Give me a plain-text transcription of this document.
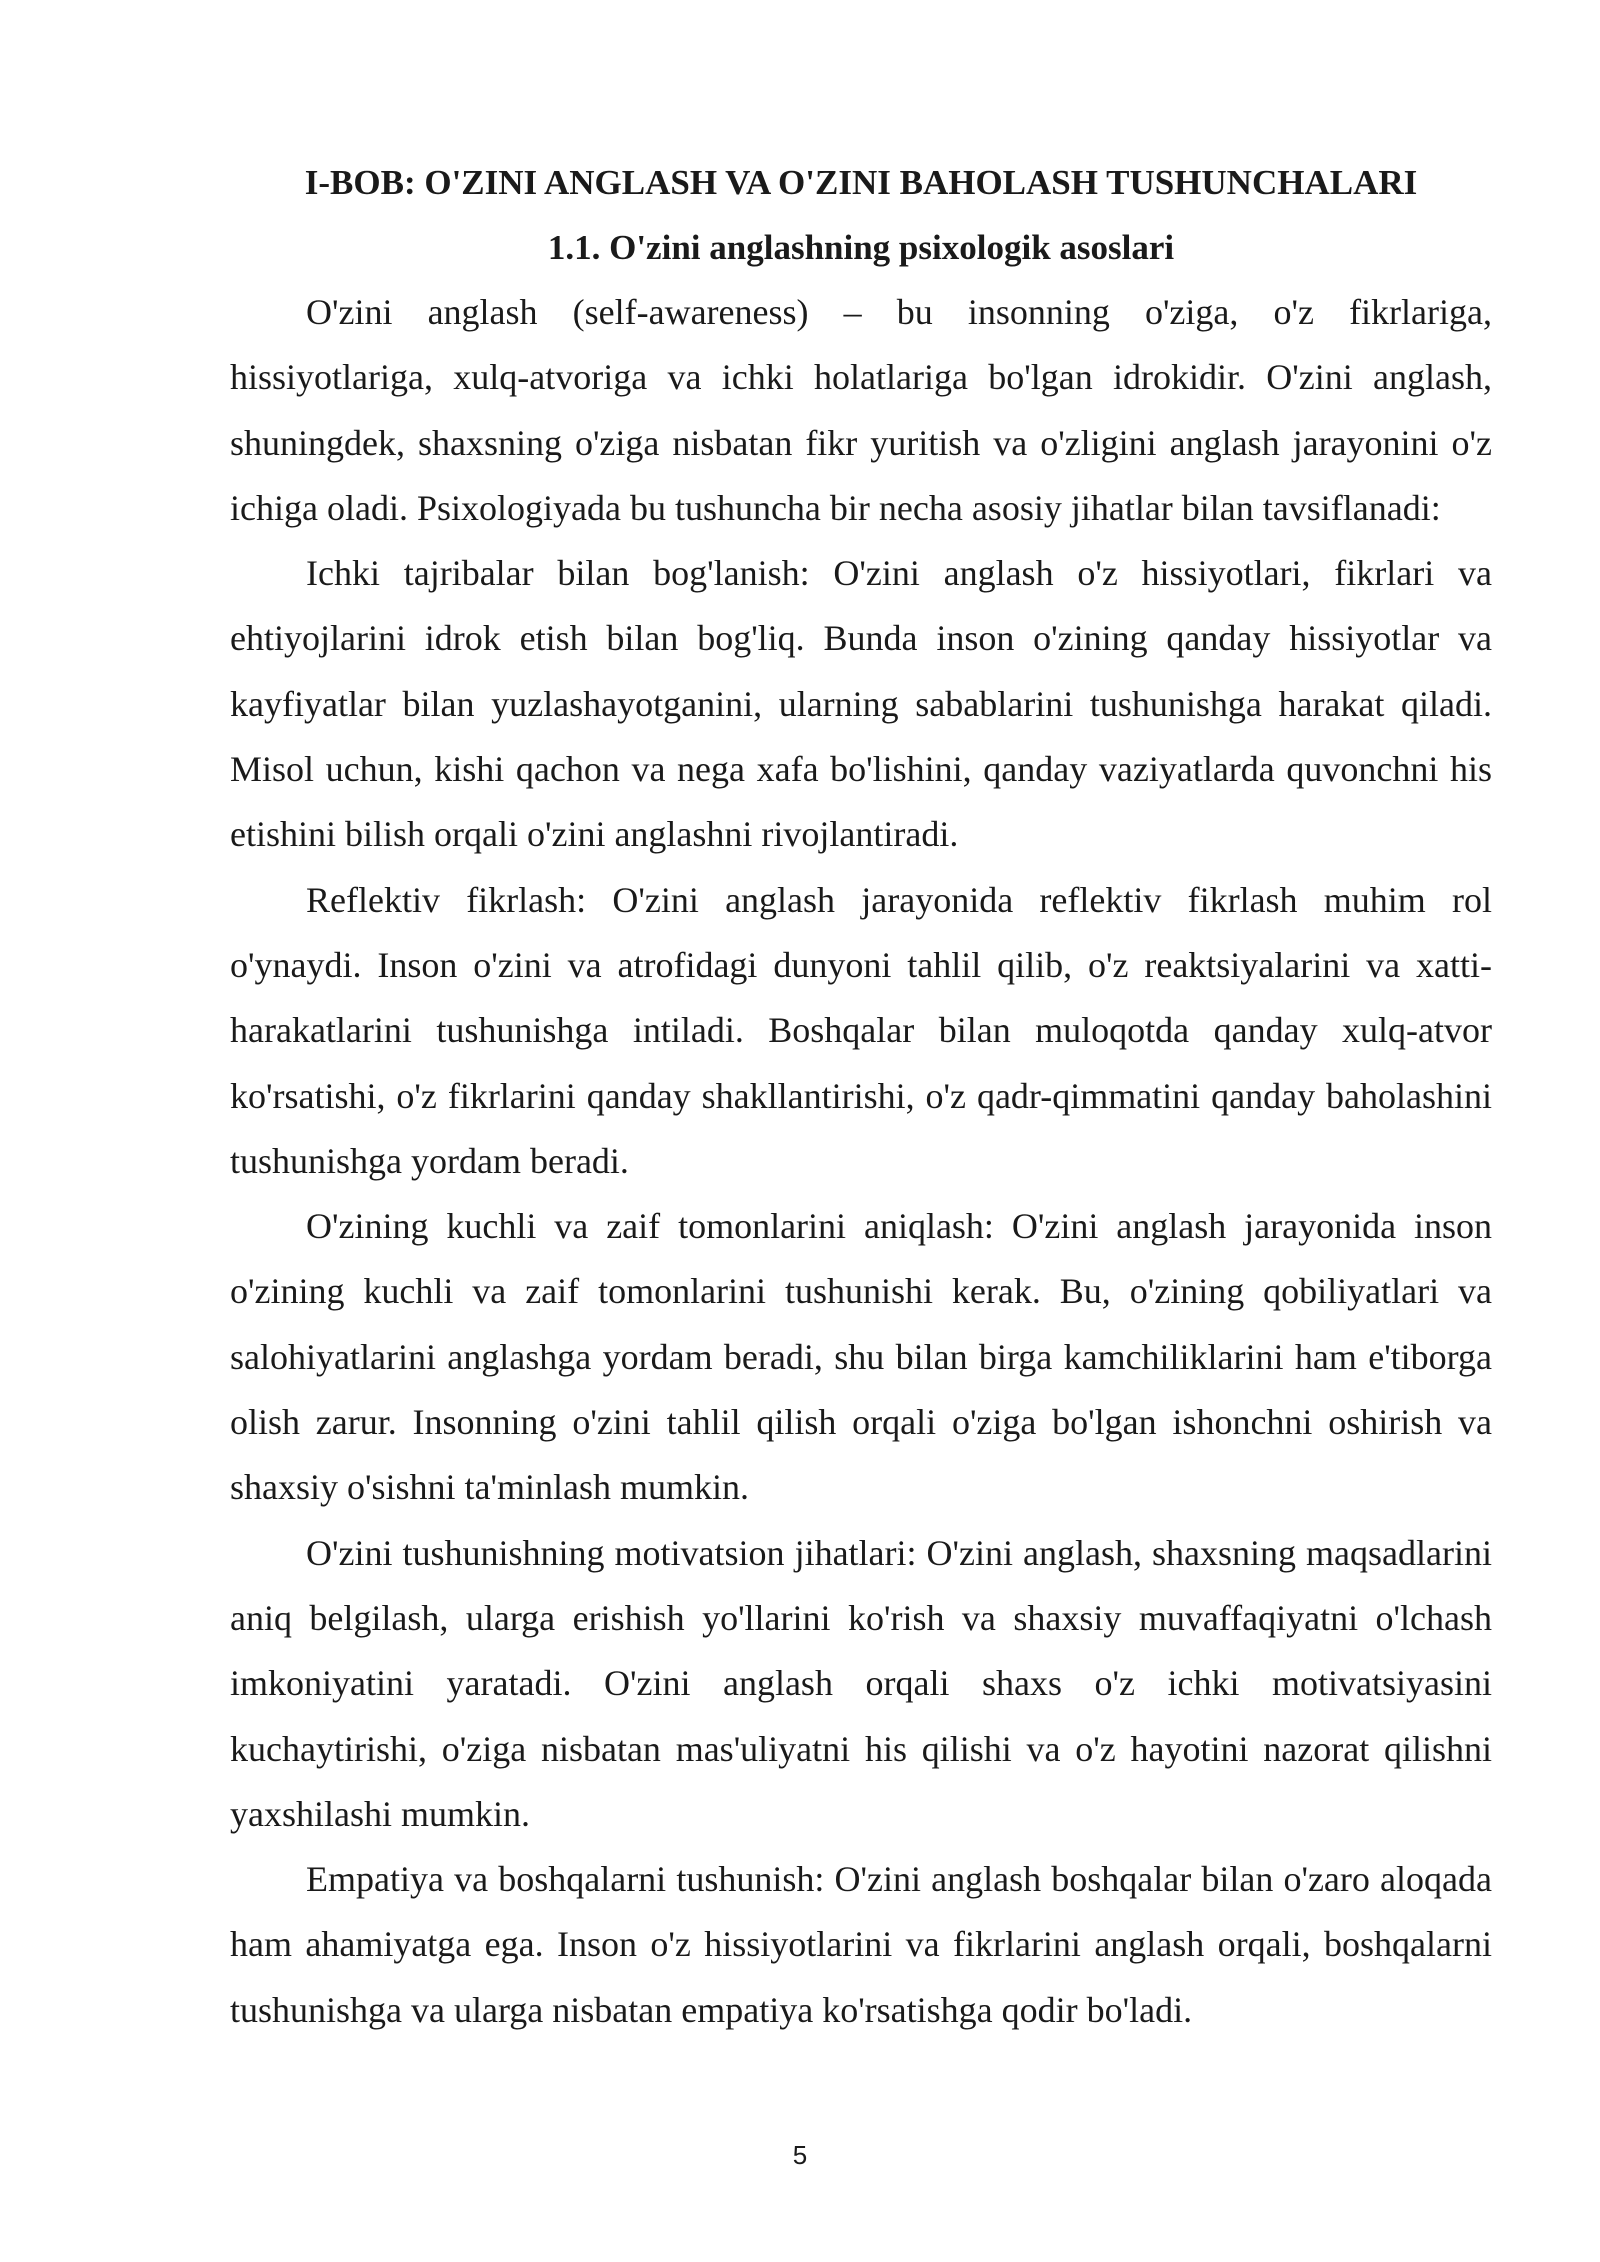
I-BOB: O'ZINI ANGLASH VA O'ZINI BAHOLASH TUSHUNCHALARI
1.1. O'zini anglashning psixologik asoslari

O'zini anglash (self-awareness) – bu insonning o'ziga, o'z fikrlariga, hissiyotlariga, xulq-atvoriga va ichki holatlariga bo'lgan idrokidir. O'zini anglash, shuningdek, shaxsning o'ziga nisbatan fikr yuritish va o'zligini anglash jarayonini o'z ichiga oladi. Psixologiyada bu tushuncha bir necha asosiy jihatlar bilan tavsiflanadi:

Ichki tajribalar bilan bog'lanish: O'zini anglash o'z hissiyotlari, fikrlari va ehtiyojlarini idrok etish bilan bog'liq. Bunda inson o'zining qanday hissiyotlar va kayfiyatlar bilan yuzlashayotganini, ularning sabablarini tushunishga harakat qiladi. Misol uchun, kishi qachon va nega xafa bo'lishini, qanday vaziyatlarda quvonchni his etishini bilish orqali o'zini anglashni rivojlantiradi.

Reflektiv fikrlash: O'zini anglash jarayonida reflektiv fikrlash muhim rol o'ynaydi. Inson o'zini va atrofidagi dunyoni tahlil qilib, o'z reaktsiyalarini va xatti-harakatlarini tushunishga intiladi. Boshqalar bilan muloqotda qanday xulq-atvor ko'rsatishi, o'z fikrlarini qanday shakllantirishi, o'z qadr-qimmatini qanday baholashini tushunishga yordam beradi.

O'zining kuchli va zaif tomonlarini aniqlash: O'zini anglash jarayonida inson o'zining kuchli va zaif tomonlarini tushunishi kerak. Bu, o'zining qobiliyatlari va salohiyatlarini anglashga yordam beradi, shu bilan birga kamchiliklarini ham e'tiborga olish zarur. Insonning o'zini tahlil qilish orqali o'ziga bo'lgan ishonchni oshirish va shaxsiy o'sishni ta'minlash mumkin.

O'zini tushunishning motivatsion jihatlari: O'zini anglash, shaxsning maqsadlarini aniq belgilash, ularga erishish yo'llarini ko'rish va shaxsiy muvaffaqiyatni o'lchash imkoniyatini yaratadi. O'zini anglash orqali shaxs o'z ichki motivatsiyasini kuchaytirishi, o'ziga nisbatan mas'uliyatni his qilishi va o'z hayotini nazorat qilishni yaxshilashi mumkin.

Empatiya va boshqalarni tushunish: O'zini anglash boshqalar bilan o'zaro aloqada ham ahamiyatga ega. Inson o'z hissiyotlarini va fikrlarini anglash orqali, boshqalarni tushunishga va ularga nisbatan empatiya ko'rsatishga qodir bo'ladi.

5
